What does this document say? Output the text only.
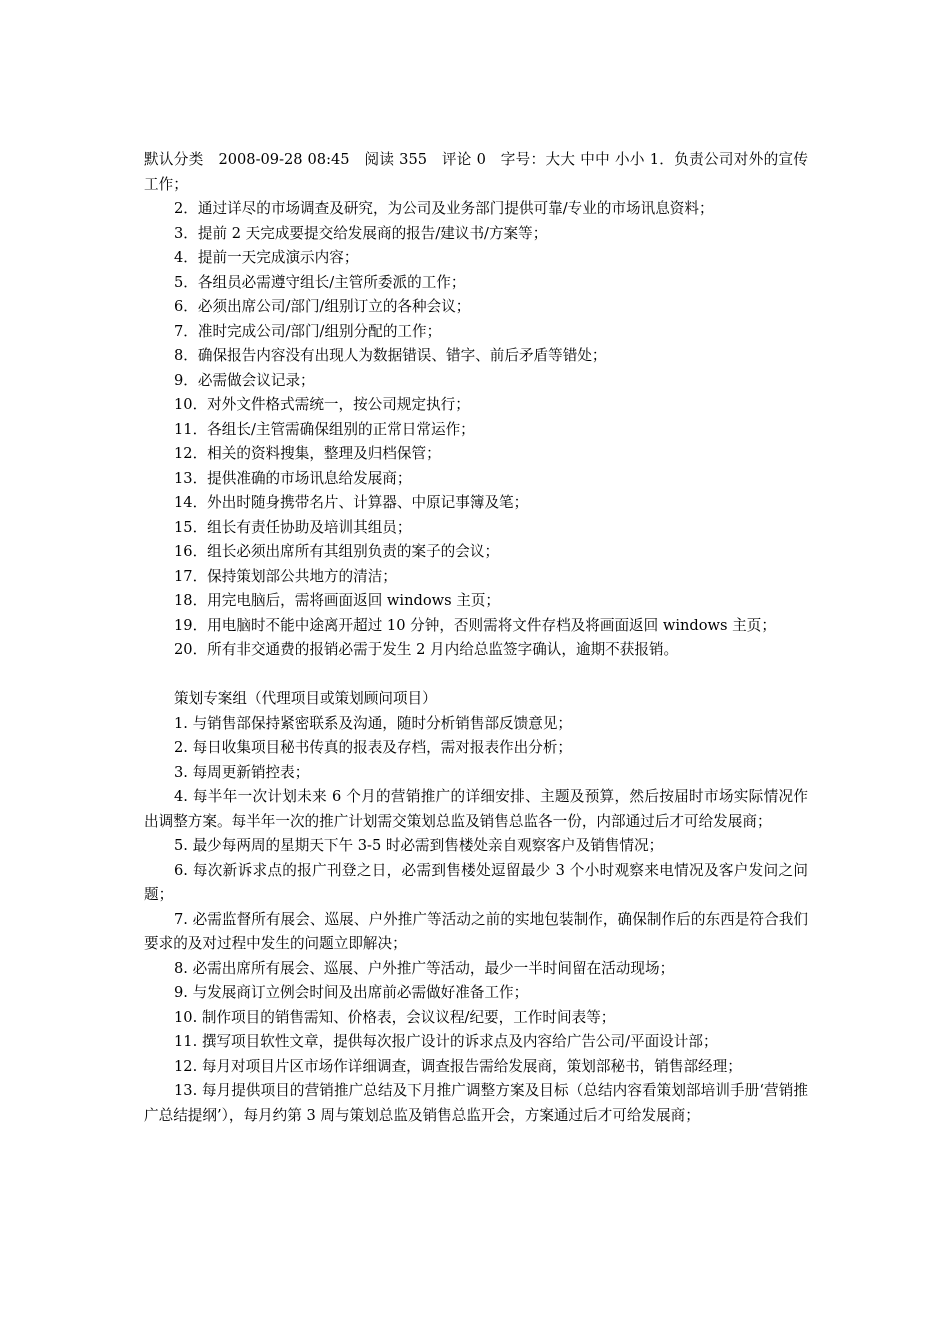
默认分类 2008-09-28 08:45 阅读 355 评论 0 字号：大大 中中 小小 1．负责公司对外的宣传工作；

2．通过详尽的市场调查及研究，为公司及业务部门提供可靠/专业的市场讯息资料；

3．提前 2 天完成要提交给发展商的报告/建议书/方案等；

4．提前一天完成演示内容；

5．各组员必需遵守组长/主管所委派的工作；

6．必须出席公司/部门/组别订立的各种会议；

7．准时完成公司/部门/组别分配的工作；

8．确保报告内容没有出现人为数据错误、错字、前后矛盾等错处；

9．必需做会议记录；

10．对外文件格式需统一，按公司规定执行；

11．各组长/主管需确保组别的正常日常运作；

12．相关的资料搜集，整理及归档保管；

13．提供准确的市场讯息给发展商；

14．外出时随身携带名片、计算器、中原记事簿及笔；

15．组长有责任协助及培训其组员；

16．组长必须出席所有其组别负责的案子的会议；

17．保持策划部公共地方的清洁；

18．用完电脑后，需将画面返回 windows 主页；

19．用电脑时不能中途离开超过 10 分钟，否则需将文件存档及将画面返回 windows 主页；

20．所有非交通费的报销必需于发生 2 月内给总监签字确认，逾期不获报销。

策划专案组（代理项目或策划顾问项目）

1. 与销售部保持紧密联系及沟通，随时分析销售部反馈意见；

2. 每日收集项目秘书传真的报表及存档，需对报表作出分析；

3. 每周更新销控表；

4. 每半年一次计划未来 6 个月的营销推广的详细安排、主题及预算，然后按届时市场实际情况作出调整方案。每半年一次的推广计划需交策划总监及销售总监各一份，内部通过后才可给发展商；

5. 最少每两周的星期天下午 3-5 时必需到售楼处亲自观察客户及销售情况；

6. 每次新诉求点的报广刊登之日，必需到售楼处逗留最少 3 个小时观察来电情况及客户发问之问题；

7. 必需监督所有展会、巡展、户外推广等活动之前的实地包装制作，确保制作后的东西是符合我们要求的及对过程中发生的问题立即解决；

8. 必需出席所有展会、巡展、户外推广等活动，最少一半时间留在活动现场；

9. 与发展商订立例会时间及出席前必需做好准备工作；

10. 制作项目的销售需知、价格表，会议议程/纪要，工作时间表等；

11. 撰写项目软性文章，提供每次报广设计的诉求点及内容给广告公司/平面设计部；

12. 每月对项目片区市场作详细调查，调查报告需给发展商，策划部秘书，销售部经理；

13. 每月提供项目的营销推广总结及下月推广调整方案及目标（总结内容看策划部培训手册‘营销推广总结提纲’），每月约第 3 周与策划总监及销售总监开会，方案通过后才可给发展商；
